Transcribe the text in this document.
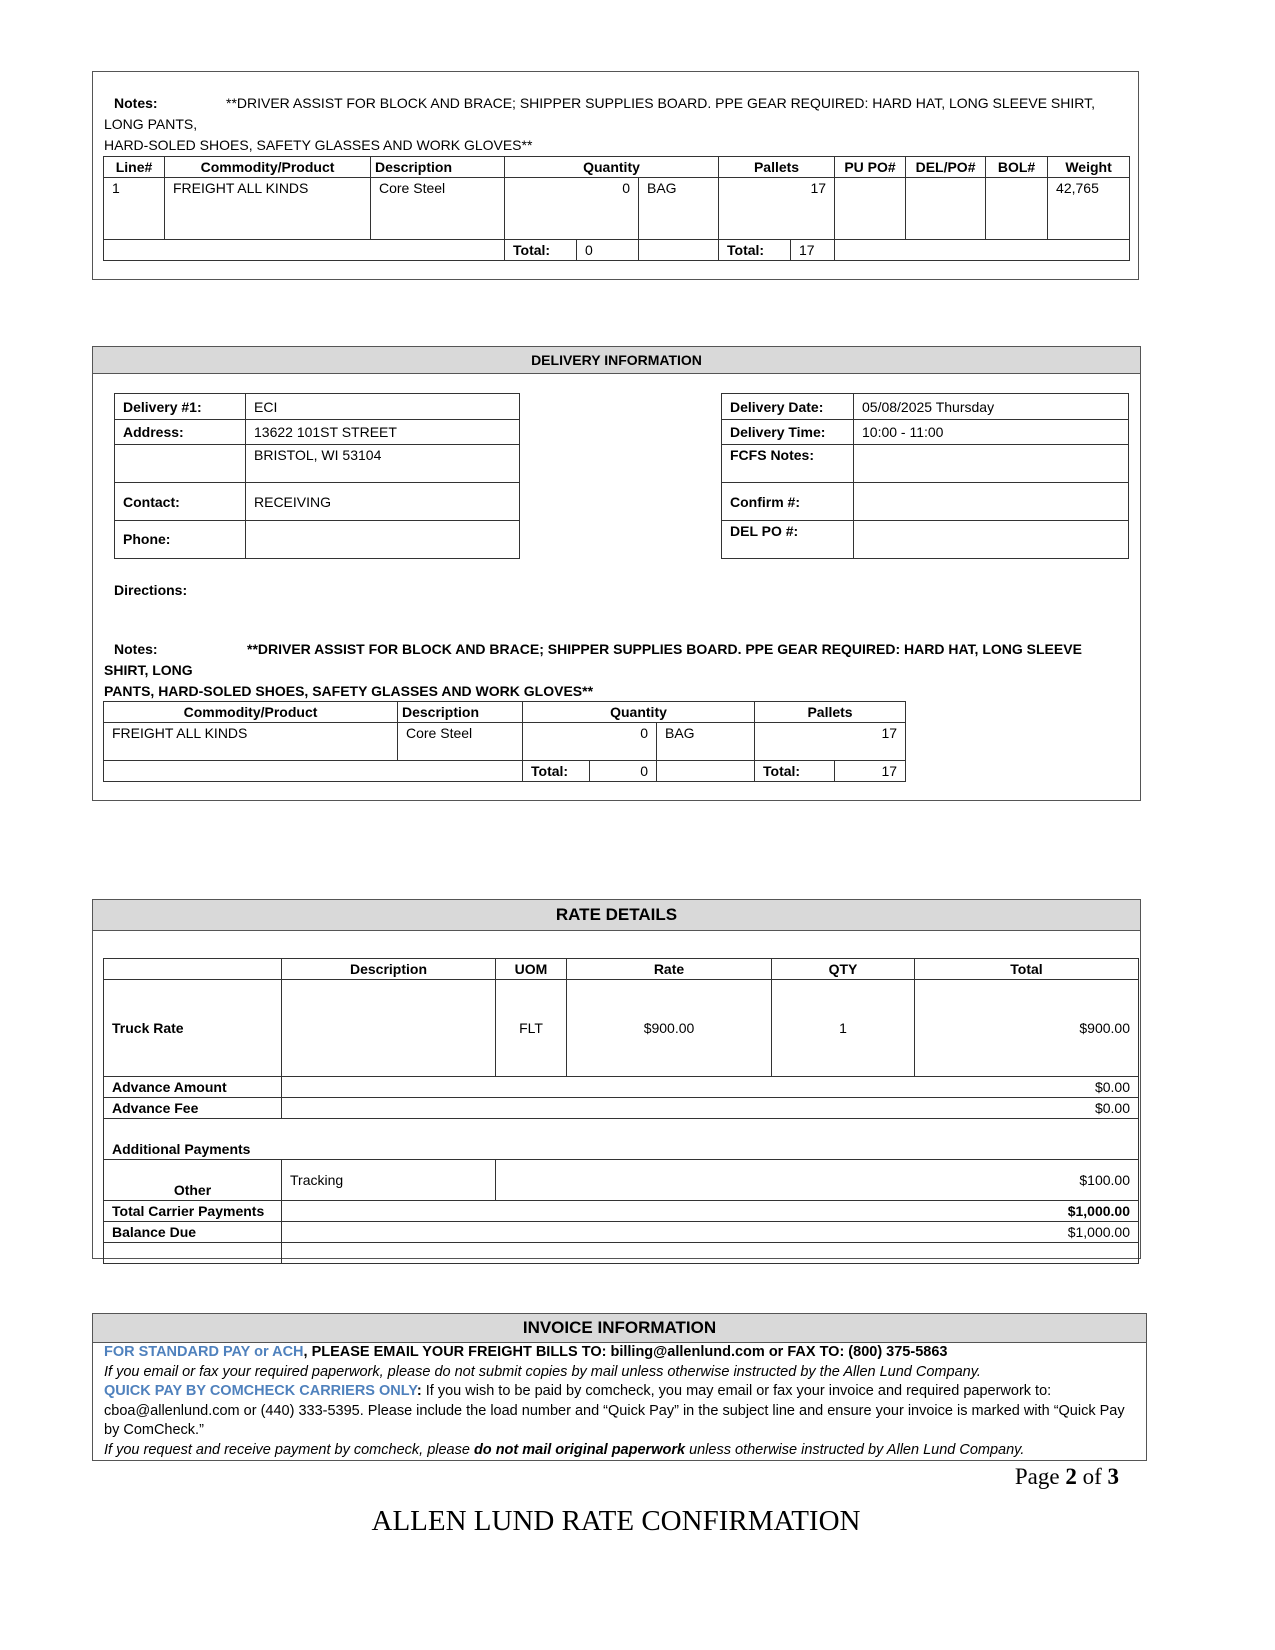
Notes:	**DRIVER ASSIST FOR BLOCK AND BRACE; SHIPPER SUPPLIES BOARD. PPE GEAR REQUIRED: HARD HAT, LONG SLEEVE SHIRT, LONG PANTS,
HARD-SOLED SHOES, SAFETY GLASSES AND WORK GLOVES**
Line#	Commodity/Product	Description	Quantity			Pallets		PU PO#	DEL/PO#	BOL#	Weight
1	FREIGHT ALL KINDS	Core Steel	0		BAG	17					42,765
			Total:	0		Total:	17				
DELIVERY INFORMATION
Delivery #1:	ECI
Address:	13622 101ST STREET
	BRISTOL, WI 53104
Contact:	RECEIVING
Phone:	
Delivery Date:	05/08/2025 Thursday
Delivery Time:	10:00 - 11:00
FCFS Notes:	
Confirm #:	
DEL PO #:	
Directions:
Notes:	**DRIVER ASSIST FOR BLOCK AND BRACE; SHIPPER SUPPLIES BOARD. PPE GEAR REQUIRED: HARD HAT, LONG SLEEVE SHIRT, LONG
PANTS, HARD-SOLED SHOES, SAFETY GLASSES AND WORK GLOVES**
Commodity/Product	Description	Quantity			Pallets	
FREIGHT ALL KINDS	Core Steel	0		BAG	17	
		Total:	0		Total:	17
RATE DETAILS
	Description	UOM	Rate	QTY	Total
Truck Rate		FLT	$900.00	1	$900.00
Advance Amount	$0.00				
Advance Fee	$0.00				
Additional Payments					
Other	Tracking	$100.00			
Total Carrier Payments	$1,000.00				
Balance Due	$1,000.00				

INVOICE INFORMATION
FOR STANDARD PAY or ACH, PLEASE EMAIL YOUR FREIGHT BILLS TO: billing@allenlund.com or FAX TO: (800) 375-5863
If you email or fax your required paperwork, please do not submit copies by mail unless otherwise instructed by the Allen Lund Company.
QUICK PAY BY COMCHECK CARRIERS ONLY: If you wish to be paid by comcheck, you may email or fax your invoice and required paperwork to: cboa@allenlund.com or (440) 333-5395. Please include the load number and “Quick Pay” in the subject line and ensure your invoice is marked with “Quick Pay by ComCheck.”
If you request and receive payment by comcheck, please do not mail original paperwork unless otherwise instructed by Allen Lund Company.
Page 2 of 3
ALLEN LUND RATE CONFIRMATION
